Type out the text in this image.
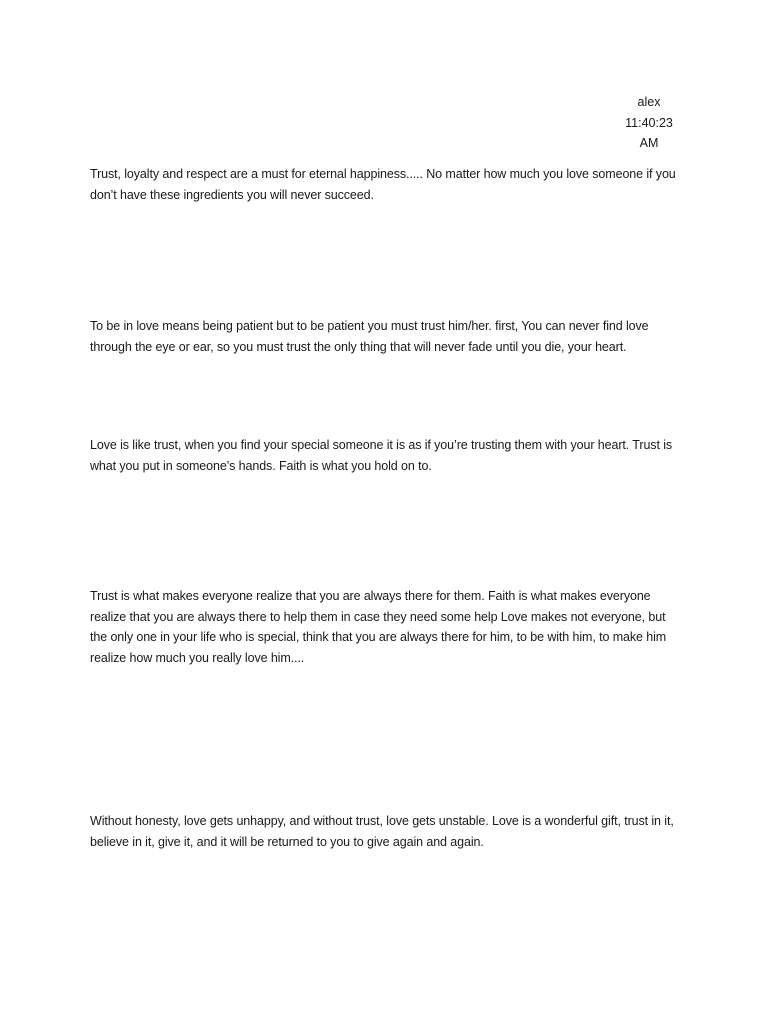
alex
11:40:23
AM

Trust, loyalty and respect are a must for eternal happiness..... No matter how much you love someone if you don’t have these ingredients you will never succeed.

To be in love means being patient but to be patient you must trust him/her. first, You can never find love through the eye or ear, so you must trust the only thing that will never fade until you die, your heart.

Love is like trust, when you find your special someone it is as if you’re trusting them with your heart. Trust is what you put in someone’s hands. Faith is what you hold on to.

Trust is what makes everyone realize that you are always there for them. Faith is what makes everyone realize that you are always there to help them in case they need some help Love makes not everyone, but the only one in your life who is special, think that you are always there for him, to be with him, to make him realize how much you really love him....

Without honesty, love gets unhappy, and without trust, love gets unstable. Love is a wonderful gift, trust in it, believe in it, give it, and it will be returned to you to give again and again.
